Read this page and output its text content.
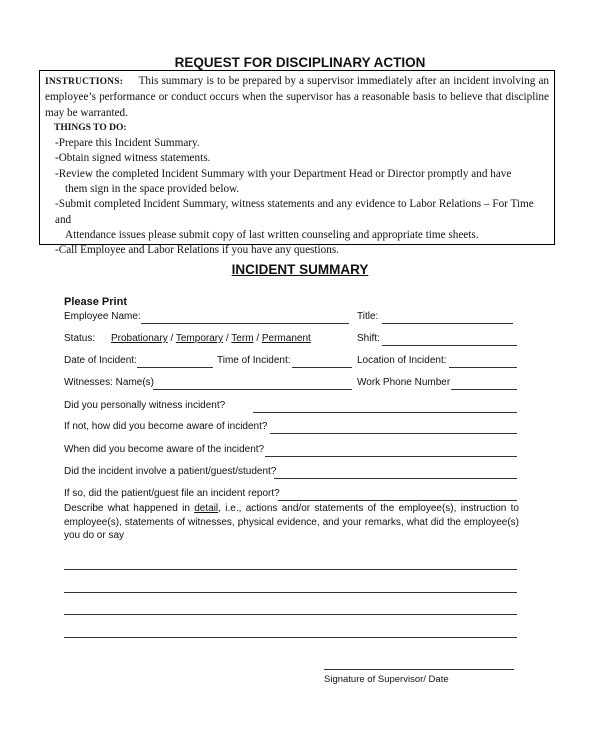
REQUEST FOR DISCIPLINARY ACTION

INSTRUCTIONS: This summary is to be prepared by a supervisor immediately after an incident involving an employee’s performance or conduct occurs when the supervisor has a reasonable basis to believe that discipline may be warranted.

THINGS TO DO:

-Prepare this Incident Summary.

-Obtain signed witness statements.

-Review the completed Incident Summary with your Department Head or Director promptly and have

them sign in the space provided below.

-Submit completed Incident Summary, witness statements and any evidence to Labor Relations – For Time and

Attendance issues please submit copy of last written counseling and appropriate time sheets.

-Call Employee and Labor Relations if you have any questions.

INCIDENT SUMMARY
Please Print
Employee Name:	Title:
Status: Probationary / Temporary / Term / Permanent	Shift:
Date of Incident:	Time of Incident:	Location of Incident:
Witnesses: Name(s)	Work Phone Number
Did you personally witness incident?
If not, how did you become aware of incident?
When did you become aware of the incident?
Did the incident involve a patient/guest/student?
If so, did the patient/guest file an incident report?
Describe what happened in detail, i.e., actions and/or statements of the employee(s), instruction to employee(s), statements of witnesses, physical evidence, and your remarks, what did the employee(s) you do or say
Signature of Supervisor/ Date
